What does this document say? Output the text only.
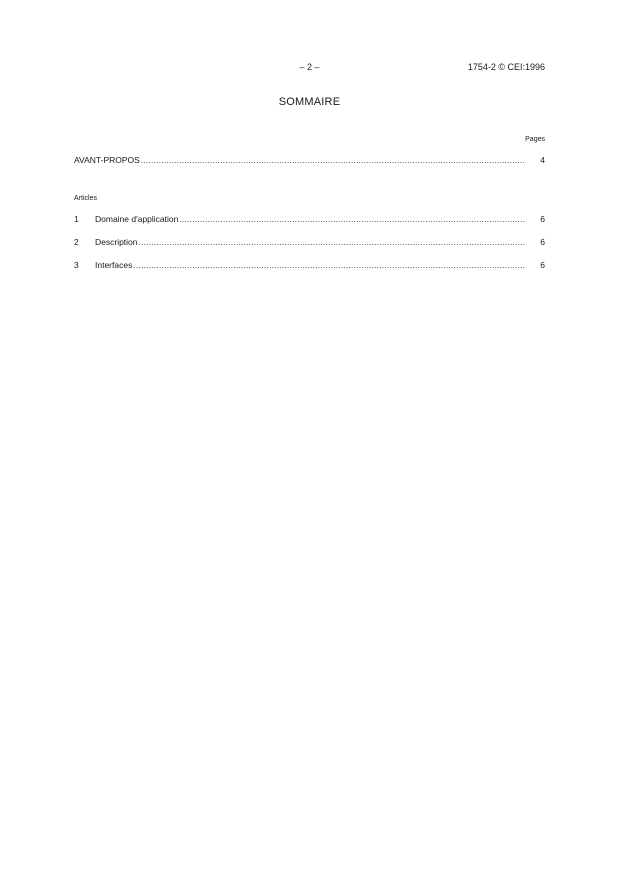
– 2 –	1754-2 © CEI:1996
SOMMAIRE
Pages
AVANT-PROPOS .....	4
Articles
1	Domaine d'application .....	6
2	Description .....	6
3	Interfaces .....	6
